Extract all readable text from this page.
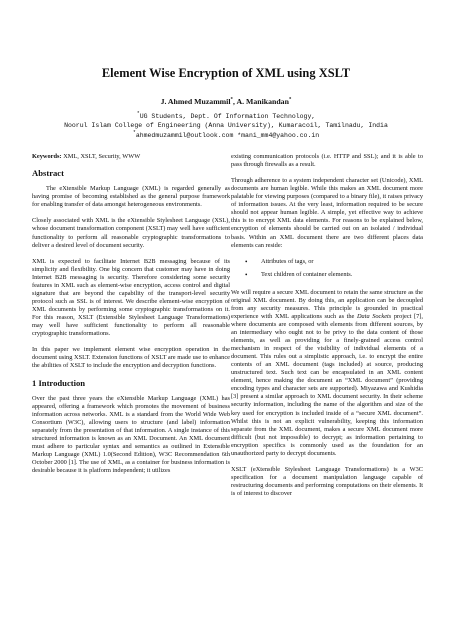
Element Wise Encryption of XML using XSLT
J. Ahmed Muzammil*, A. Manikandan*
*UG Students, Dept. Of Information Technology,
Noorul Islam College of Engineering (Anna University), Kumaracoil, Tamilnadu, India
*ahmedmuzammil@outlook.com *mani_mm4@yahoo.co.in

Keywords: XML, XSLT, Security, WWW

Abstract

The eXtensible Markup Language (XML) is regarded generally as having promise of becoming established as the general purpose framework for enabling transfer of data amongst heterogeneous environments.

Closely associated with XML is the eXtensible Stylesheet Language (XSL), whose document transformation component (XSLT) may well have sufficient functionality to perform all reasonable cryptographic transformations to deliver a desired level of document security.

XML is expected to facilitate Internet B2B messaging because of its simplicity and flexibility. One big concern that customer may have in doing Internet B2B messaging is security. Therefore considering some security features in XML such as element-wise encryption, access control and digital signature that are beyond the capability of the transport-level security protocol such as SSL is of interest. We describe element-wise encryption of XML documents by performing some cryptographic transformations on it. For this reason, XSLT (Extensible Stylesheet Language Transformations) may well have sufficient functionality to perform all reasonable cryptographic transformations.

In this paper we implement element wise encryption operation in the document using XSLT. Extension functions of XSLT are made use to enhance the abilities of XSLT to include the encryption and decryption functions.

1 Introduction

Over the past three years the eXtensible Markup Language (XML) has appeared, offering a framework which promotes the movement of business information across networks. XML is a standard from the World Wide Web Consortium (W3C), allowing users to structure (and label) information separately from the presentation of that information. A single instance of this structured information is known as an XML Document. An XML document must adhere to particular syntax and semantics as outlined in Extensible Markup Language (XML) 1.0(Second Edition), W3C Recommendation 6th October 2000 [1]. The use of XML, as a container for business information is desirable because it is platform independent; it utilizes

existing communication protocols (i.e. HTTP and SSL); and it is able to pass through firewalls as a result.

Through adherence to a system independent character set (Unicode), XML documents are human legible. While this makes an XML document more palatable for viewing purposes (compared to a binary file), it raises privacy of information issues. At the very least, information required to be secure should not appear human legible. A simple, yet effective way to achieve this is to encrypt XML data elements. For reasons to be explained below, encryption of elements should be carried out on an isolated / individual basis. Within an XML document there are two different places data elements can reside:

• Attributes of tags, or
• Text children of container elements.

We will require a secure XML document to retain the same structure as the original XML document. By doing this, an application can be decoupled from any security measures. This principle is grounded in practical experience with XML applications such as the Data Sockets project [7], where documents are composed with elements from different sources, by an intermediary who ought not to be privy to the data content of those elements, as well as providing for a finely-grained access control mechanism in respect of the visibility of individual elements of a document. This rules out a simplistic approach, i.e. to encrypt the entire contents of an XML document (tags included) at source, producing unstructured text. Such text can be encapsulated in an XML content element, hence making the document an “XML document” (providing encoding types and character sets are supported). Miyazawa and Kushidia [3] present a similar approach to XML document security. In their scheme security information, including the name of the algorithm and size of the key used for encryption is included inside of a “secure XML document”. Whilst this is not an explicit vulnerability, keeping this information separate from the XML document, makes a secure XML document more difficult (but not impossible) to decrypt; as information pertaining to encryption specifics is commonly used as the foundation for an unauthorized party to decrypt documents.

XSLT (eXtensible Stylesheet Language Transformations) is a W3C specification for a document manipulation language capable of restructuring documents and performing computations on their elements. It is of interest to discover
